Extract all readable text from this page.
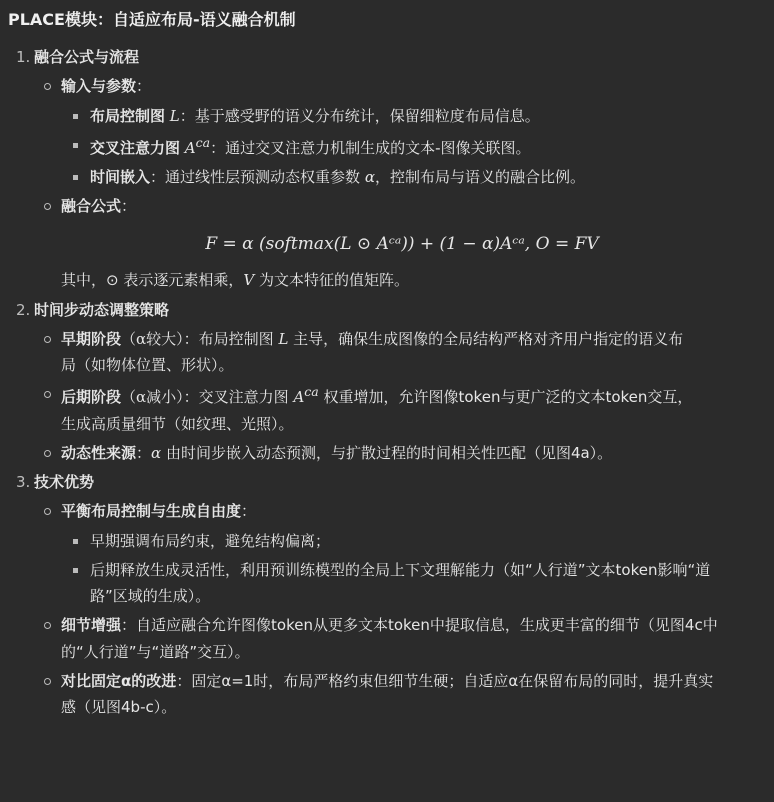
PLACE模块：自适应布局-语义融合机制
1. 融合公式与流程
输入与参数：
布局控制图 L：基于感受野的语义分布统计，保留细粒度布局信息。
交叉注意力图 $A^{ca}$：通过交叉注意力机制生成的文本-图像关联图。
时间嵌入：通过线性层预测动态权重参数 α，控制布局与语义的融合比例。
融合公式：
F = α (softmax(L ⊙ Aᶜᵃ)) + (1 − α)Aᶜᵃ, O = FV
其中，⊙ 表示逐元素相乘，V 为文本特征的值矩阵。
2. 时间步动态调整策略
早期阶段（α较大）：布局控制图 L 主导，确保生成图像的全局结构严格对齐用户指定的语义布
局（如物体位置、形状）。
后期阶段（α减小）：交叉注意力图 $A^{ca}$ 权重增加，允许图像token与更广泛的文本token交互，
生成高质量细节（如纹理、光照）。
动态性来源：α 由时间步嵌入动态预测，与扩散过程的时间相关性匹配（见图4a）。
3. 技术优势
平衡布局控制与生成自由度：
早期强调布局约束，避免结构偏离；
后期释放生成灵活性，利用预训练模型的全局上下文理解能力（如“人行道”文本token影响“道
路”区域的生成）。
细节增强：自适应融合允许图像token从更多文本token中提取信息，生成更丰富的细节（见图4c中
的“人行道”与“道路”交互）。
对比固定α的改进：固定α=1时，布局严格约束但细节生硬；自适应α在保留布局的同时，提升真实
感（见图4b-c）。
